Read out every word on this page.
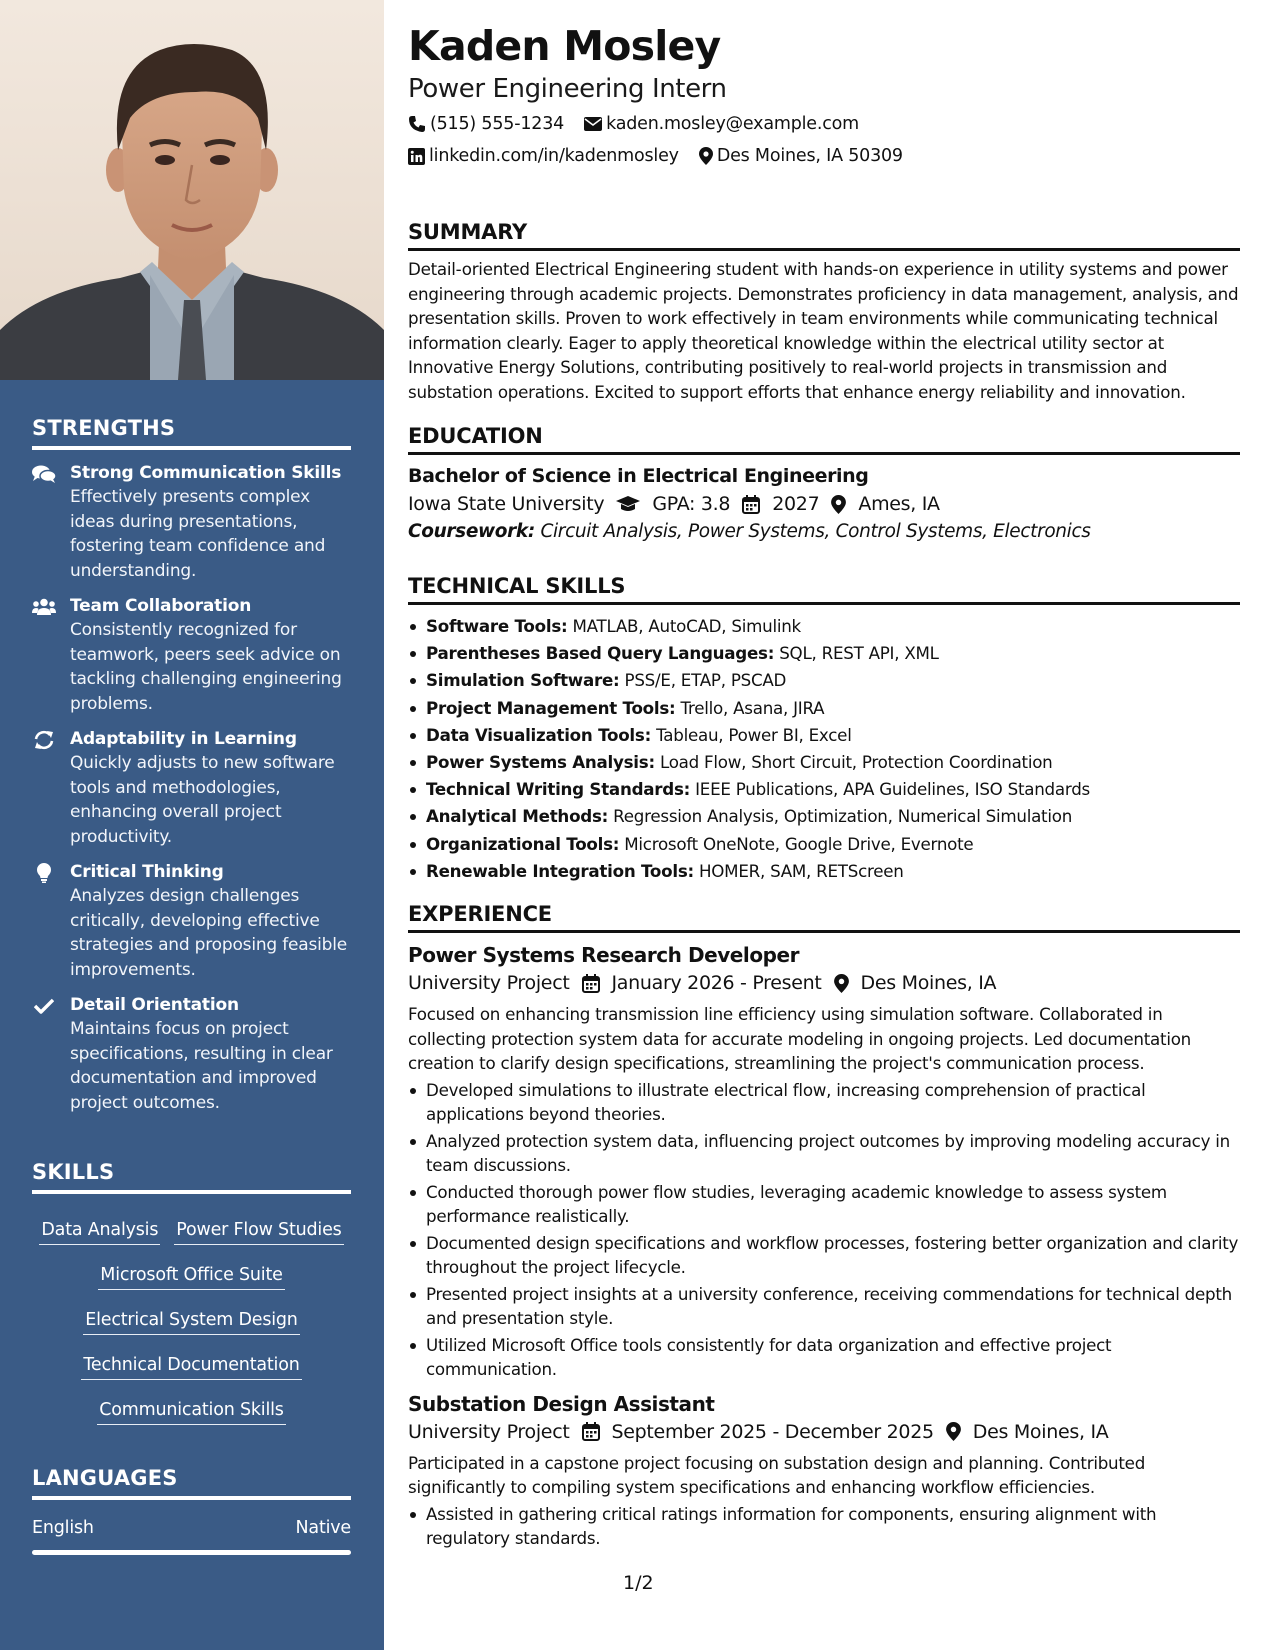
STRENGTHS
Strong Communication Skills
Effectively presents complex ideas during presentations, fostering team confidence and understanding.
Team Collaboration
Consistently recognized for teamwork, peers seek advice on tackling challenging engineering problems.
Adaptability in Learning
Quickly adjusts to new software tools and methodologies, enhancing overall project productivity.
Critical Thinking
Analyzes design challenges critically, developing effective strategies and proposing feasible improvements.
Detail Orientation
Maintains focus on project specifications, resulting in clear documentation and improved project outcomes.
SKILLS
Data Analysis Power Flow Studies
Microsoft Office Suite
Electrical System Design
Technical Documentation
Communication Skills
LANGUAGES
English	Native
Kaden Mosley
Power Engineering Intern
(515) 555-1234 kaden.mosley@example.com
linkedin.com/in/kadenmosley Des Moines, IA 50309
SUMMARY
Detail-oriented Electrical Engineering student with hands-on experience in utility systems and power engineering through academic projects. Demonstrates proficiency in data management, analysis, and presentation skills. Proven to work effectively in team environments while communicating technical information clearly. Eager to apply theoretical knowledge within the electrical utility sector at Innovative Energy Solutions, contributing positively to real-world projects in transmission and substation operations. Excited to support efforts that enhance energy reliability and innovation.
EDUCATION
Bachelor of Science in Electrical Engineering
Iowa State University	GPA: 3.8 2027 Ames, IA
Coursework: Circuit Analysis, Power Systems, Control Systems, Electronics
TECHNICAL SKILLS
Software Tools: MATLAB, AutoCAD, Simulink
Parentheses Based Query Languages: SQL, REST API, XML
Simulation Software: PSS/E, ETAP, PSCAD
Project Management Tools: Trello, Asana, JIRA
Data Visualization Tools: Tableau, Power BI, Excel
Power Systems Analysis: Load Flow, Short Circuit, Protection Coordination
Technical Writing Standards: IEEE Publications, APA Guidelines, ISO Standards
Analytical Methods: Regression Analysis, Optimization, Numerical Simulation
Organizational Tools: Microsoft OneNote, Google Drive, Evernote
Renewable Integration Tools: HOMER, SAM, RETScreen
EXPERIENCE
Power Systems Research Developer
University Project January 2026 - Present Des Moines, IA
Focused on enhancing transmission line efficiency using simulation software. Collaborated in collecting protection system data for accurate modeling in ongoing projects. Led documentation creation to clarify design specifications, streamlining the project's communication process.
Developed simulations to illustrate electrical flow, increasing comprehension of practical applications beyond theories.
Analyzed protection system data, influencing project outcomes by improving modeling accuracy in team discussions.
Conducted thorough power flow studies, leveraging academic knowledge to assess system performance realistically.
Documented design specifications and workflow processes, fostering better organization and clarity throughout the project lifecycle.
Presented project insights at a university conference, receiving commendations for technical depth and presentation style.
Utilized Microsoft Office tools consistently for data organization and effective project communication.
Substation Design Assistant
University Project September 2025 - December 2025 Des Moines, IA
Participated in a capstone project focusing on substation design and planning. Contributed significantly to compiling system specifications and enhancing workflow efficiencies.
Assisted in gathering critical ratings information for components, ensuring alignment with regulatory standards.
1/2
